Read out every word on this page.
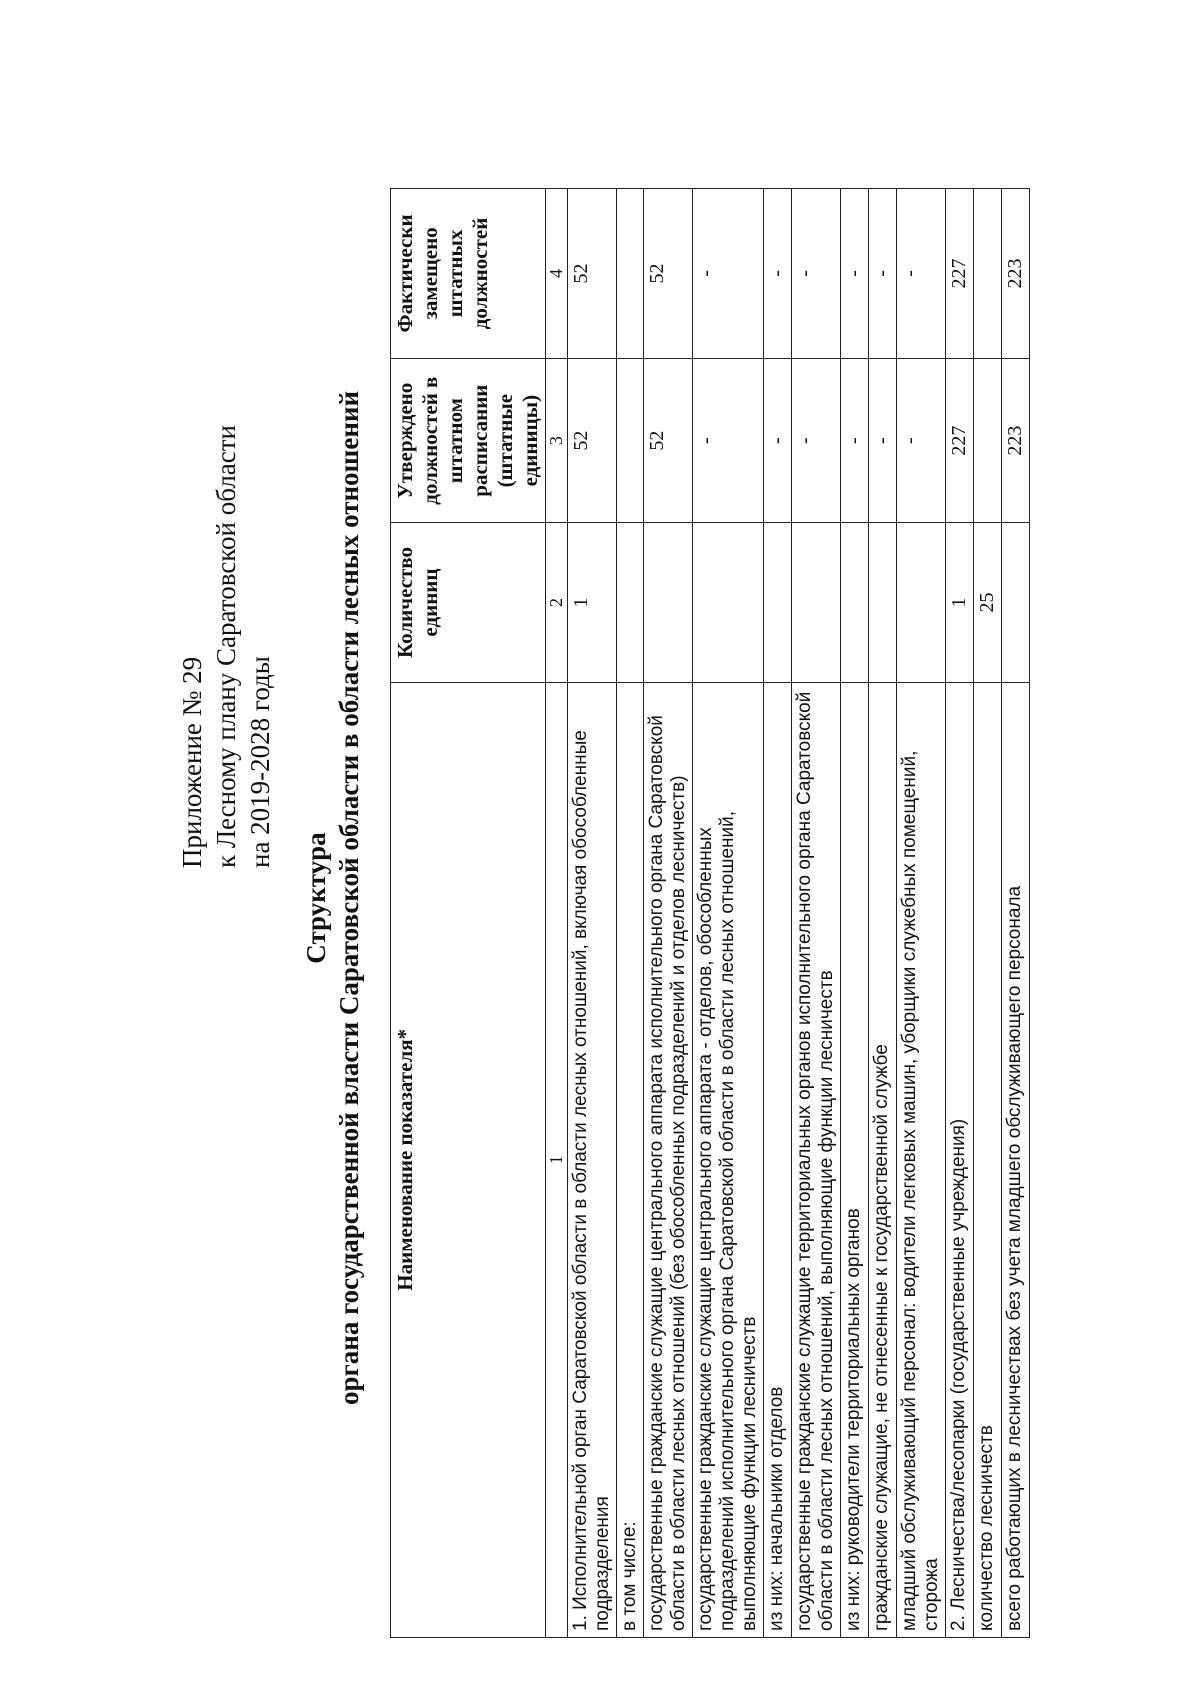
Приложение № 29 к Лесному плану Саратовской области на 2019-2028 годы
Структура органа государственной власти Саратовской области в области лесных отношений Наименование показателя*	Количество единиц	Утверждено должностей в штатном расписании (штатные единицы)	Фактически замещено штатных должностей
1	2	3	4
1. Исполнительной орган Саратовской области в области лесных отношений, включая обособленные подразделения	1	52	52
в том числе:			
государственные гражданские служащие центрального аппарата исполнительного органа Саратовской области в области лесных отношений (без обособленных подразделений и отделов лесничеств)		52	52
государственные гражданские служащие центрального аппарата - отделов, обособленных подразделений исполнительного органа Саратовской области в области лесных отношений, выполняющие функции лесничеств		-	-
из них: начальники отделов		-	-
государственные гражданские служащие территориальных органов исполнительного органа Саратовской области в области лесных отношений, выполняющие функции лесничеств		-	-
из них: руководители территориальных органов		-	-
гражданские служащие, не отнесенные к государственной службе		-	-
младший обслуживающий персонал: водители легковых машин, уборщики служебных помещений, сторожа		-	-
2. Лесничества/лесопарки (государственные учреждения)	1	227	227
количество лесничеств	25		
всего работающих в лесничествах без учета младшего обслуживающего персонала		223	223
